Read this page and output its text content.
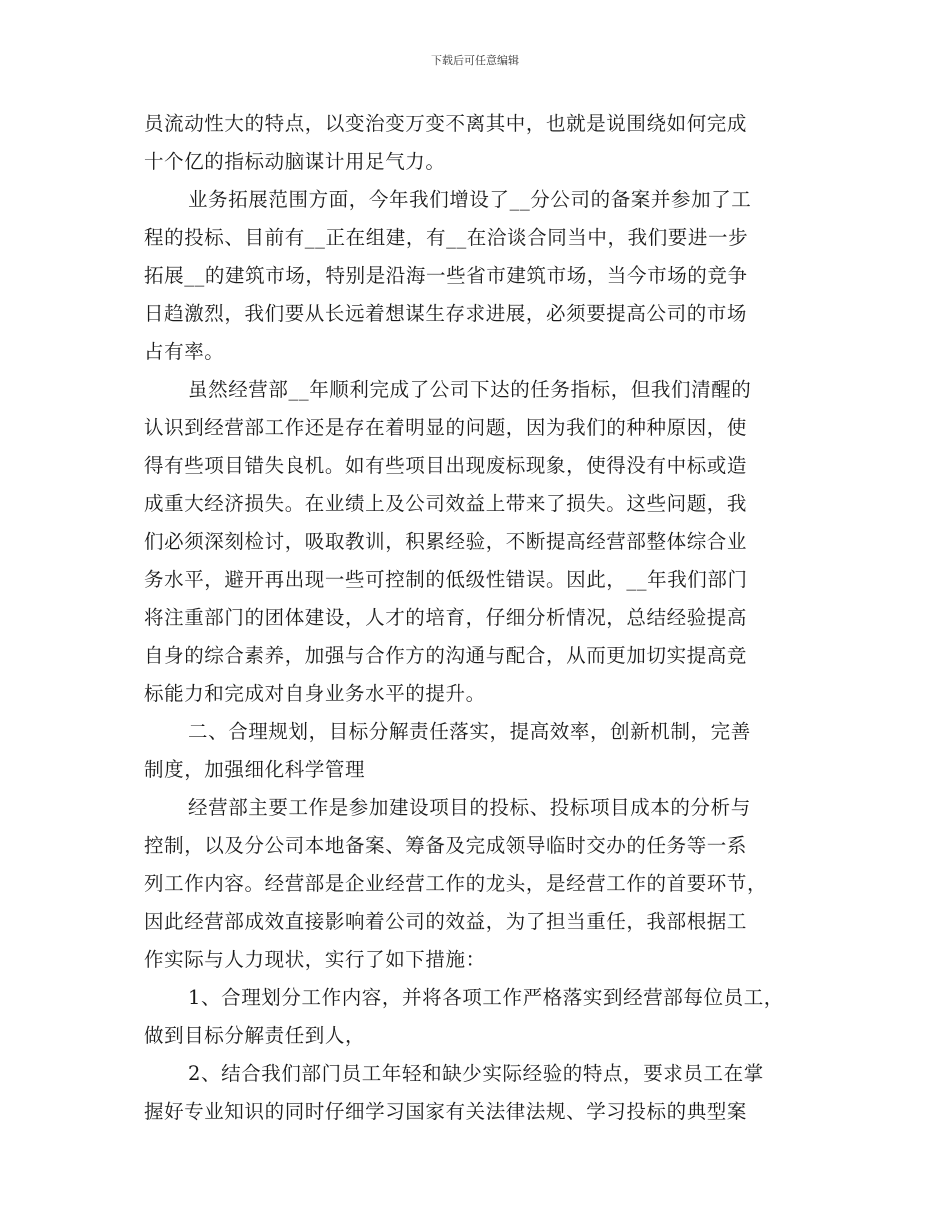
下载后可任意编辑
员流动性大的特点，以变治变万变不离其中，也就是说围绕如何完成
十个亿的指标动脑谋计用足气力。
业务拓展范围方面，今年我们增设了__分公司的备案并参加了工
程的投标、目前有__正在组建，有__在洽谈合同当中，我们要进一步
拓展__的建筑市场，特别是沿海一些省市建筑市场，当今市场的竞争
日趋激烈，我们要从长远着想谋生存求进展，必须要提高公司的市场
占有率。
虽然经营部__年顺利完成了公司下达的任务指标，但我们清醒的
认识到经营部工作还是存在着明显的问题，因为我们的种种原因，使
得有些项目错失良机。如有些项目出现废标现象，使得没有中标或造
成重大经济损失。在业绩上及公司效益上带来了损失。这些问题，我
们必须深刻检讨，吸取教训，积累经验，不断提高经营部整体综合业
务水平，避开再出现一些可控制的低级性错误。因此，__年我们部门
将注重部门的团体建设，人才的培育，仔细分析情况，总结经验提高
自身的综合素养，加强与合作方的沟通与配合，从而更加切实提高竞
标能力和完成对自身业务水平的提升。
二、合理规划，目标分解责任落实，提高效率，创新机制，完善
制度，加强细化科学管理
经营部主要工作是参加建设项目的投标、投标项目成本的分析与
控制，以及分公司本地备案、筹备及完成领导临时交办的任务等一系
列工作内容。经营部是企业经营工作的龙头，是经营工作的首要环节，
因此经营部成效直接影响着公司的效益，为了担当重任，我部根据工
作实际与人力现状，实行了如下措施：
1、合理划分工作内容，并将各项工作严格落实到经营部每位员工，
做到目标分解责任到人，
2、结合我们部门员工年轻和缺少实际经验的特点，要求员工在掌
握好专业知识的同时仔细学习国家有关法律法规、学习投标的典型案
